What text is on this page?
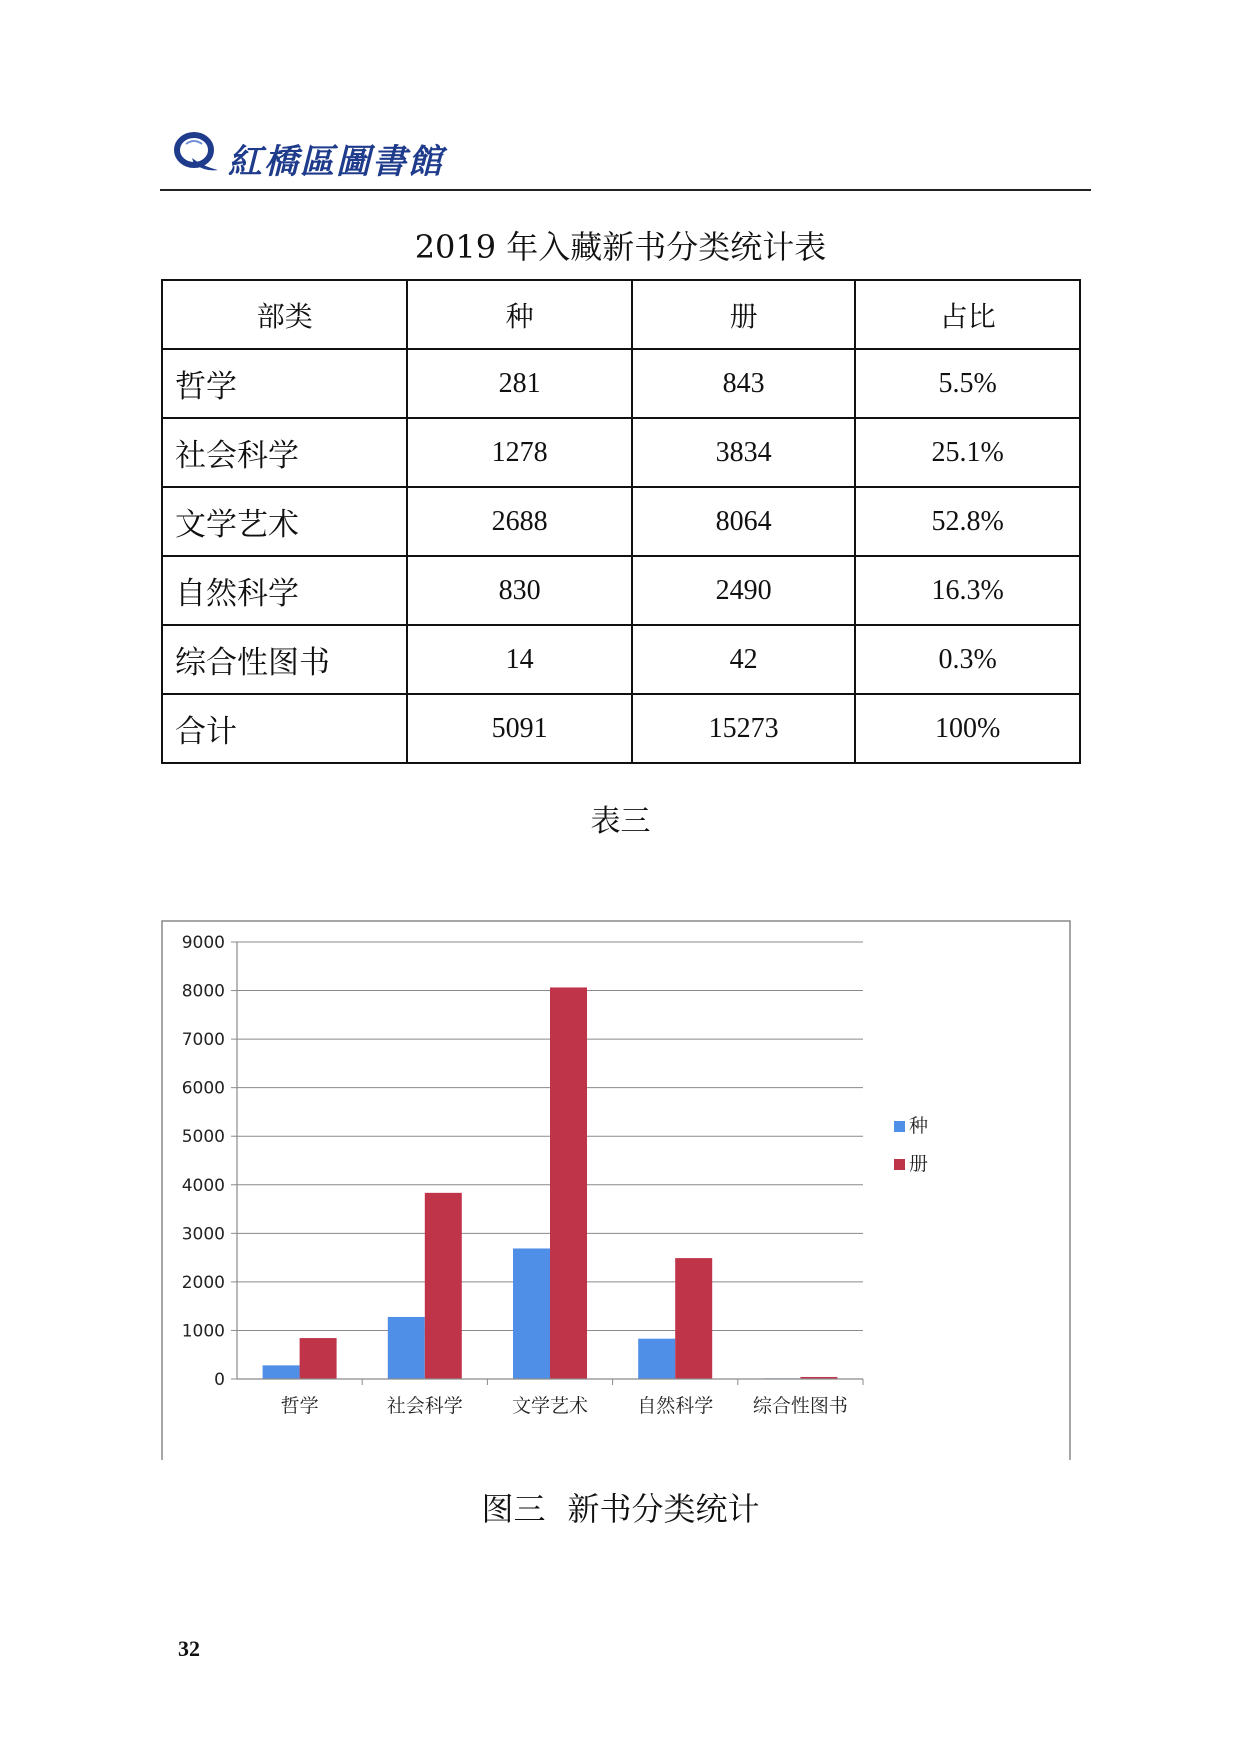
紅橋區圖書館
2019 年入藏新书分类统计表
部类	种	册	占比
哲学	281	843	5.5%
社会科学	1278	3834	25.1%
文学艺术	2688	8064	52.8%
自然科学	830	2490	16.3%
综合性图书	14	42	0.3%
合计	5091	15273	100%
表三
0
1000
2000
3000
4000
5000
6000
7000
8000
9000
哲学	社会科学	文学艺术	自然科学 综合性图书
种
册
图三 新书分类统计
32
